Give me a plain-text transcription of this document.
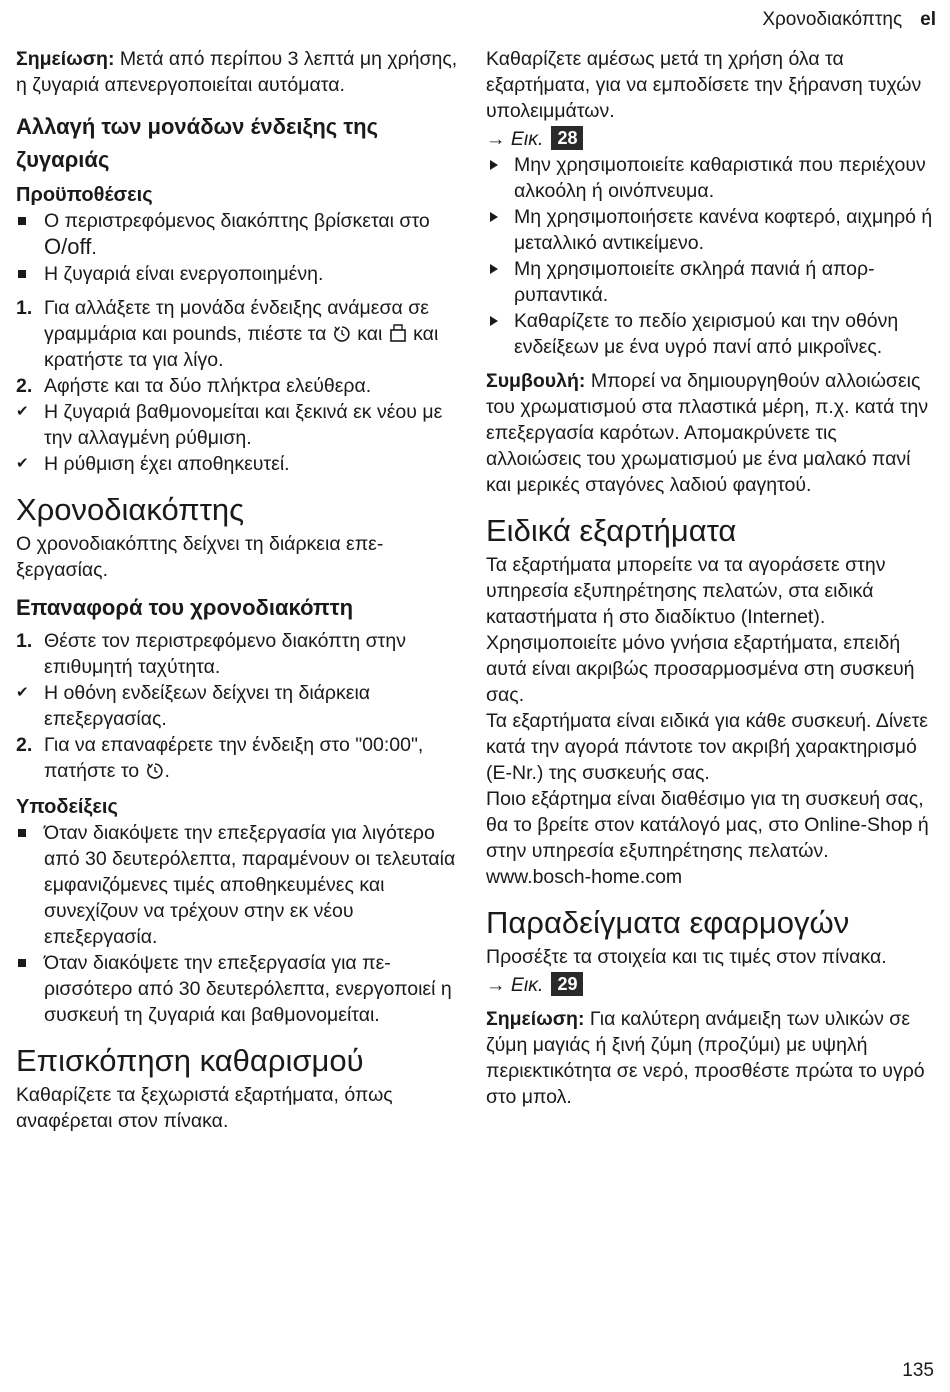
Χρονοδιακόπτης el

Σημείωση: Μετά από περίπου 3 λεπτά μη χρήσης, η ζυγαριά απενεργοποιείται αυτόματα.

Αλλαγή των μονάδων ένδειξης της ζυγαριάς
Προϋποθέσεις
Ο περιστρεφόμενος διακόπτης βρίσκεται στο O/off.
Η ζυγαριά είναι ενεργοποιημένη.
1. Για αλλάξετε τη μονάδα ένδειξης ανάμεσα σε γραμμάρια και pounds, πιέστε τα  και  και κρατήστε τα για λίγο.
2. Αφήστε και τα δύο πλήκτρα ελεύθερα.
✔ Η ζυγαριά βαθμονομείται και ξεκινά εκ νέου με την αλλαγμένη ρύθμιση.
✔ Η ρύθμιση έχει αποθηκευτεί.
Χρονοδιακόπτης

Ο χρονοδιακόπτης δείχνει τη διάρκεια επεξεργασίας.

Επαναφορά του χρονοδιακόπτη
1. Θέστε τον περιστρεφόμενο διακόπτη στην επιθυμητή ταχύτητα.
✔ Η οθόνη ενδείξεων δείχνει τη διάρκεια επεξεργασίας.
2. Για να επαναφέρετε την ένδειξη στο "00:00", πατήστε το .
Υποδείξεις
Όταν διακόψετε την επεξεργασία για λιγότερο από 30 δευτερόλεπτα, παραμένουν οι τελευταία εμφανιζόμενες τιμές αποθηκευμένες και συνεχίζουν να τρέχουν στην εκ νέου επεξεργασία.
Όταν διακόψετε την επεξεργασία για περισσότερο από 30 δευτερόλεπτα, ενεργοποιεί η συσκευή τη ζυγαριά και βαθμονομείται.
Επισκόπηση καθαρισμού

Καθαρίζετε τα ξεχωριστά εξαρτήματα, όπως αναφέρεται στον πίνακα.

Καθαρίζετε αμέσως μετά τη χρήση όλα τα εξαρτήματα, για να εμποδίσετε την ξήρανση τυχών υπολειμμάτων.

→ Εικ. 28

Μην χρησιμοποιείτε καθαριστικά που περιέχουν αλκοόλη ή οινόπνευμα.
Μη χρησιμοποιήσετε κανένα κοφτερό, αιχμηρό ή μεταλλικό αντικείμενο.
Μη χρησιμοποιείτε σκληρά πανιά ή απορρυπαντικά.
Καθαρίζετε το πεδίο χειρισμού και την οθόνη ενδείξεων με ένα υγρό πανί από μικροΐνες.

Συμβουλή: Μπορεί να δημιουργηθούν αλλοιώσεις του χρωματισμού στα πλαστικά μέρη, π.χ. κατά την επεξεργασία καρότων. Απομακρύνετε τις αλλοιώσεις του χρωματισμού με ένα μαλακό πανί και μερικές σταγόνες λαδιού φαγητού.

Ειδικά εξαρτήματα

Τα εξαρτήματα μπορείτε να τα αγοράσετε στην υπηρεσία εξυπηρέτησης πελατών, στα ειδικά καταστήματα ή στο διαδίκτυο (Internet). Χρησιμοποιείτε μόνο γνήσια εξαρτήματα, επειδή αυτά είναι ακριβώς προσαρμοσμένα στη συσκευή σας.

Τα εξαρτήματα είναι ειδικά για κάθε συσκευή. Δίνετε κατά την αγορά πάντοτε τον ακριβή χαρακτηρισμό (E-Nr.) της συσκευής σας.

Ποιο εξάρτημα είναι διαθέσιμο για τη συσκευή σας, θα το βρείτε στον κατάλογό μας, στο Online-Shop ή στην υπηρεσία εξυπηρέτησης πελατών.

www.bosch-home.com

Παραδείγματα εφαρμογών

Προσέξτε τα στοιχεία και τις τιμές στον πίνακα.

→ Εικ. 29

Σημείωση: Για καλύτερη ανάμειξη των υλικών σε ζύμη μαγιάς ή ξινή ζύμη (προζύμι) με υψηλή περιεκτικότητα σε νερό, προσθέστε πρώτα το υγρό στο μπολ.

135
